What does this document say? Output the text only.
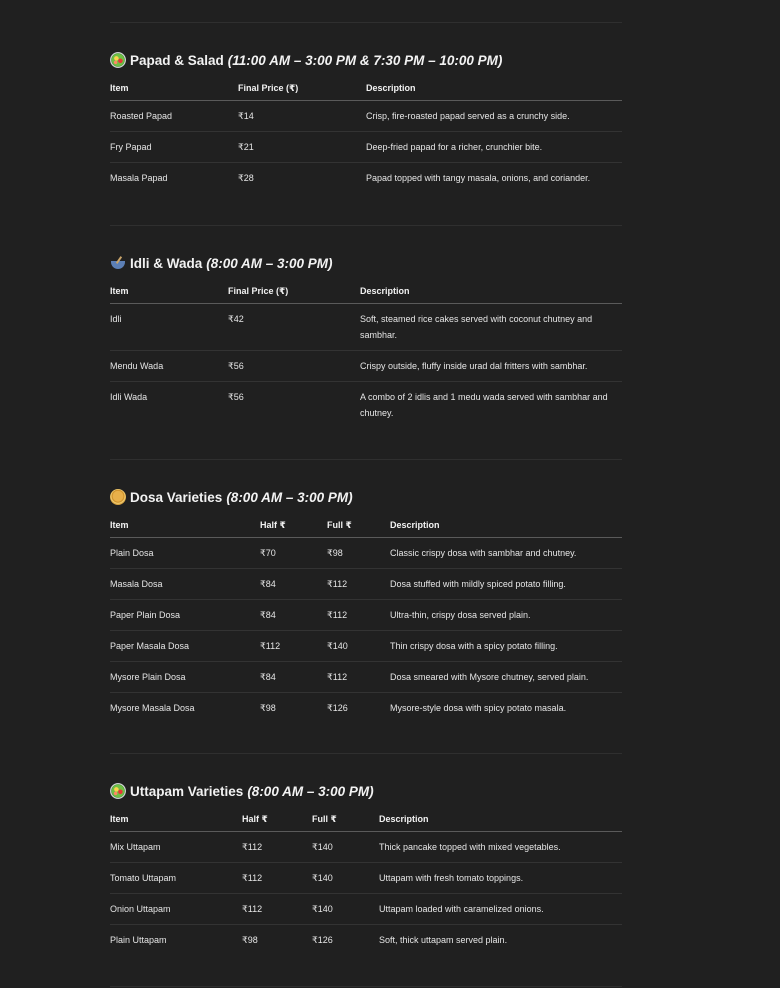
Papad & Salad (11:00 AM – 3:00 PM & 7:30 PM – 10:00 PM)
Item	Final Price (₹)	Description
Roasted Papad	₹14	Crisp, fire-roasted papad served as a crunchy side.
Fry Papad	₹21	Deep-fried papad for a richer, crunchier bite.
Masala Papad	₹28	Papad topped with tangy masala, onions, and coriander.
Idli & Wada (8:00 AM – 3:00 PM)
Item	Final Price (₹)	Description
Idli	₹42	Soft, steamed rice cakes served with coconut chutney and sambhar.
Mendu Wada	₹56	Crispy outside, fluffy inside urad dal fritters with sambhar.
Idli Wada	₹56	A combo of 2 idlis and 1 medu wada served with sambhar and chutney.
Dosa Varieties (8:00 AM – 3:00 PM)
Item	Half ₹	Full ₹	Description
Plain Dosa	₹70	₹98	Classic crispy dosa with sambhar and chutney.
Masala Dosa	₹84	₹112	Dosa stuffed with mildly spiced potato filling.
Paper Plain Dosa	₹84	₹112	Ultra-thin, crispy dosa served plain.
Paper Masala Dosa	₹112	₹140	Thin crispy dosa with a spicy potato filling.
Mysore Plain Dosa	₹84	₹112	Dosa smeared with Mysore chutney, served plain.
Mysore Masala Dosa	₹98	₹126	Mysore-style dosa with spicy potato masala.
Uttapam Varieties (8:00 AM – 3:00 PM)
Item	Half ₹	Full ₹	Description
Mix Uttapam	₹112	₹140	Thick pancake topped with mixed vegetables.
Tomato Uttapam	₹112	₹140	Uttapam with fresh tomato toppings.
Onion Uttapam	₹112	₹140	Uttapam loaded with caramelized onions.
Plain Uttapam	₹98	₹126	Soft, thick uttapam served plain.
